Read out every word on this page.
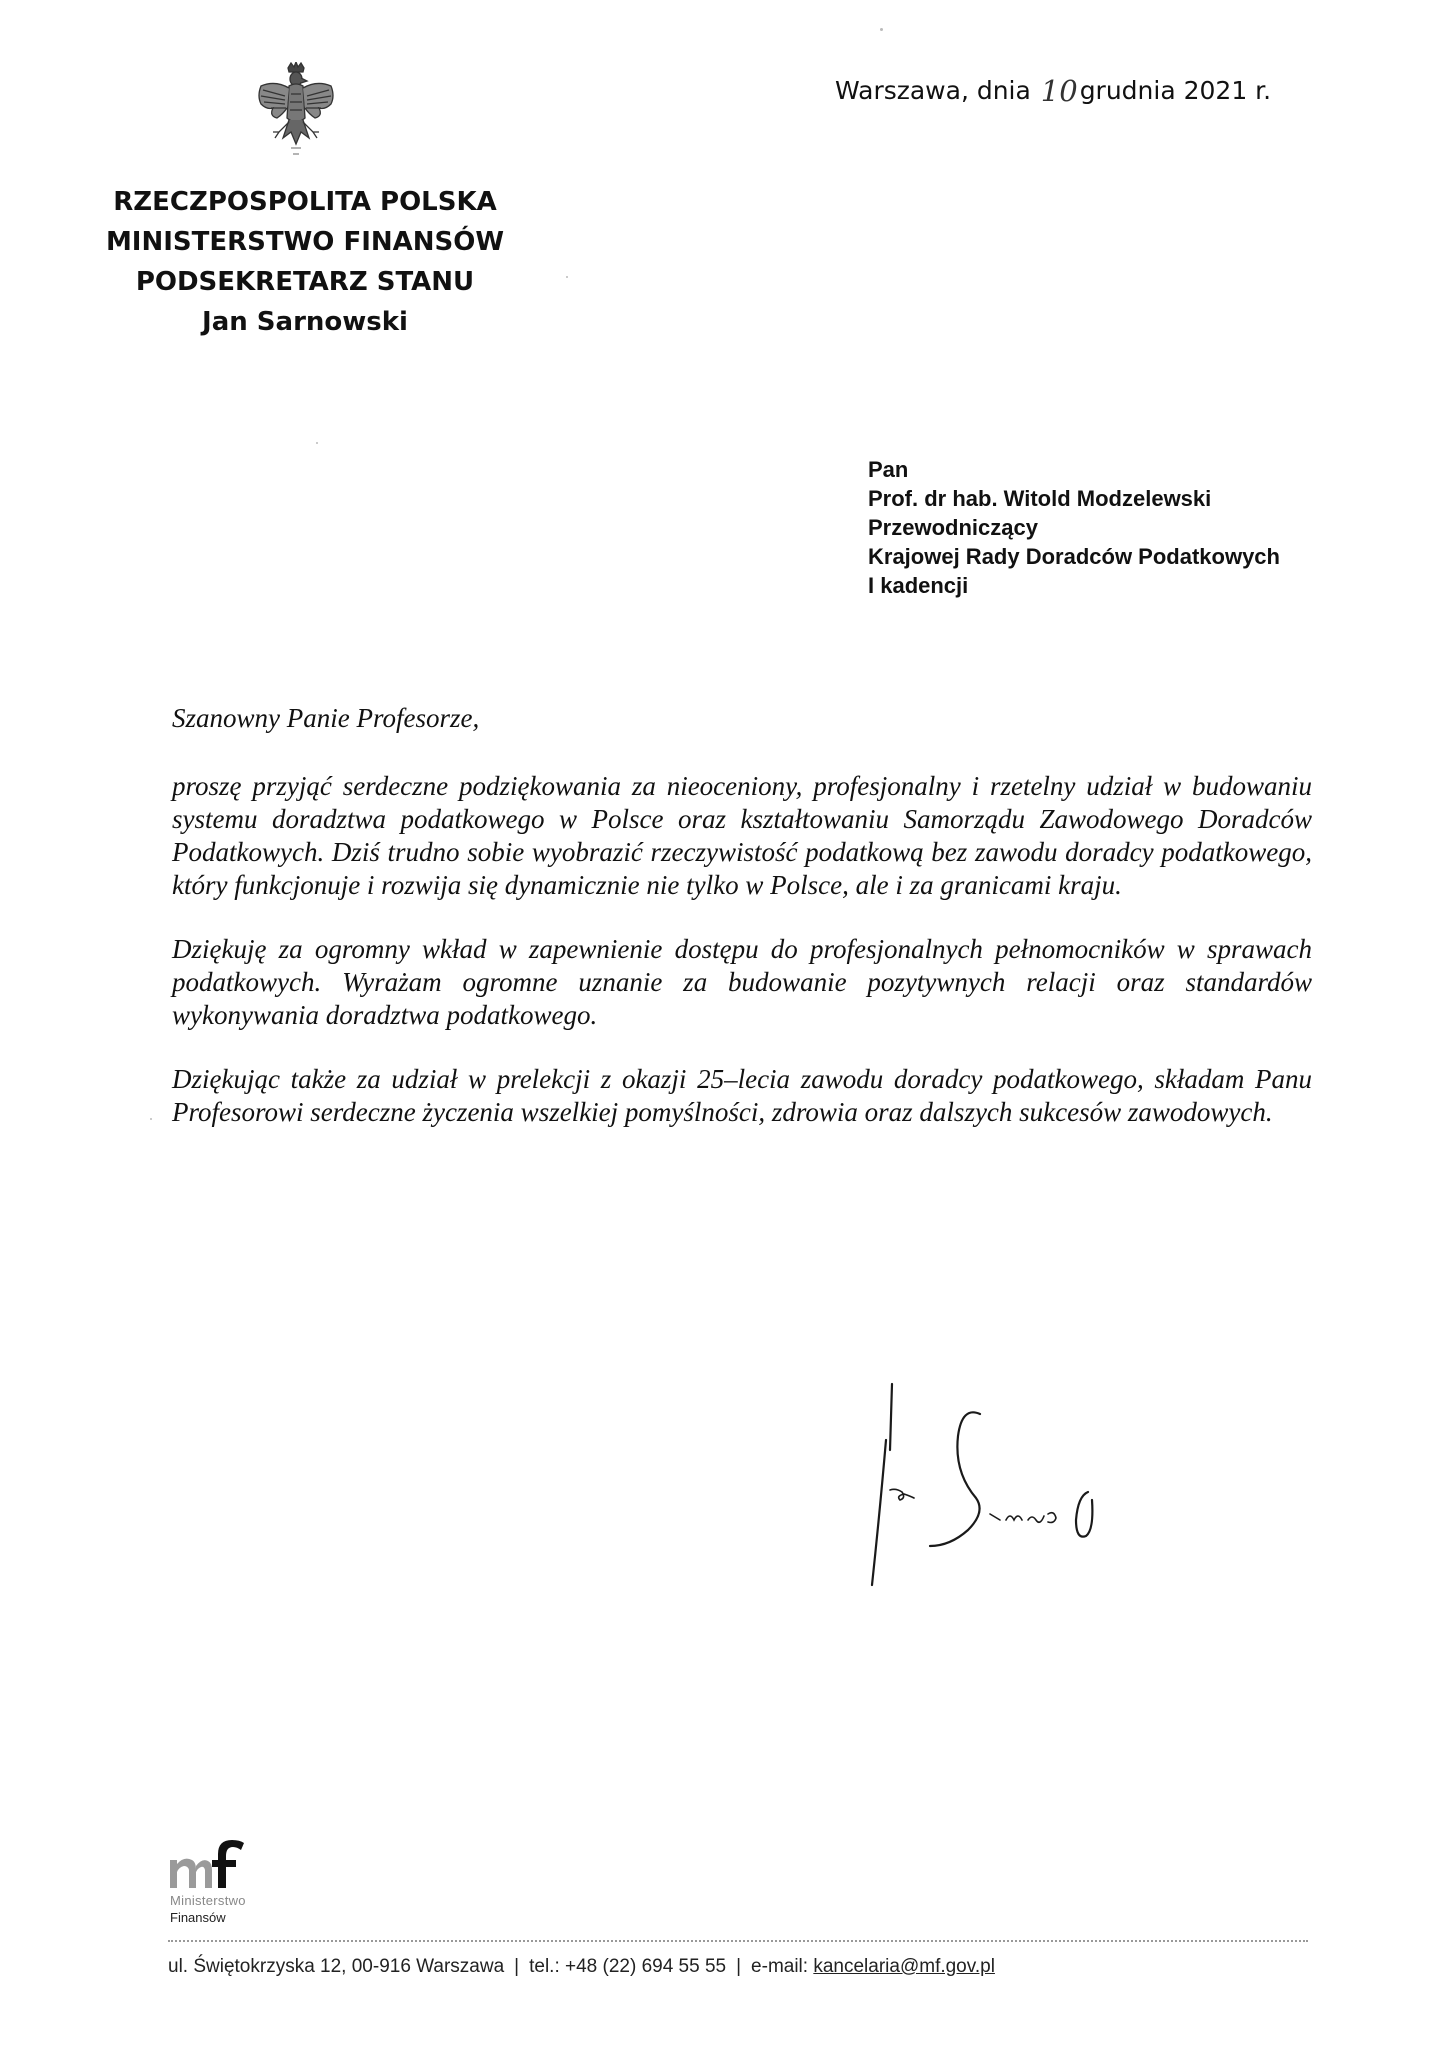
Warszawa, dnia 10grudnia 2021 r.
RZECZPOSPOLITA POLSKA
MINISTERSTWO FINANSÓW
PODSEKRETARZ STANU
Jan Sarnowski
Pan
Prof. dr hab. Witold Modzelewski
Przewodniczący
Krajowej Rady Doradców Podatkowych
I kadencji
Szanowny Panie Profesorze,

proszę przyjąć serdeczne podziękowania za nieoceniony, profesjonalny i rzetelny udział w budowaniu systemu doradztwa podatkowego w Polsce oraz kształtowaniu Samorządu Zawodowego Doradców Podatkowych. Dziś trudno sobie wyobrazić rzeczywistość podatkową bez zawodu doradcy podatkowego, który funkcjonuje i rozwija się dynamicznie nie tylko w Polsce, ale i za granicami kraju.

Dziękuję za ogromny wkład w zapewnienie dostępu do profesjonalnych pełnomocników w sprawach podatkowych. Wyrażam ogromne uznanie za budowanie pozytywnych relacji oraz standardów wykonywania doradztwa podatkowego.

Dziękując także za udział w prelekcji z okazji 25–lecia zawodu doradcy podatkowego, składam Panu Profesorowi serdeczne życzenia wszelkiej pomyślności, zdrowia oraz dalszych sukcesów zawodowych.

Ministerstwo
Finansów
ul. Świętokrzyska 12, 00-916 Warszawa | tel.: +48 (22) 694 55 55 | e-mail: kancelaria@mf.gov.pl
